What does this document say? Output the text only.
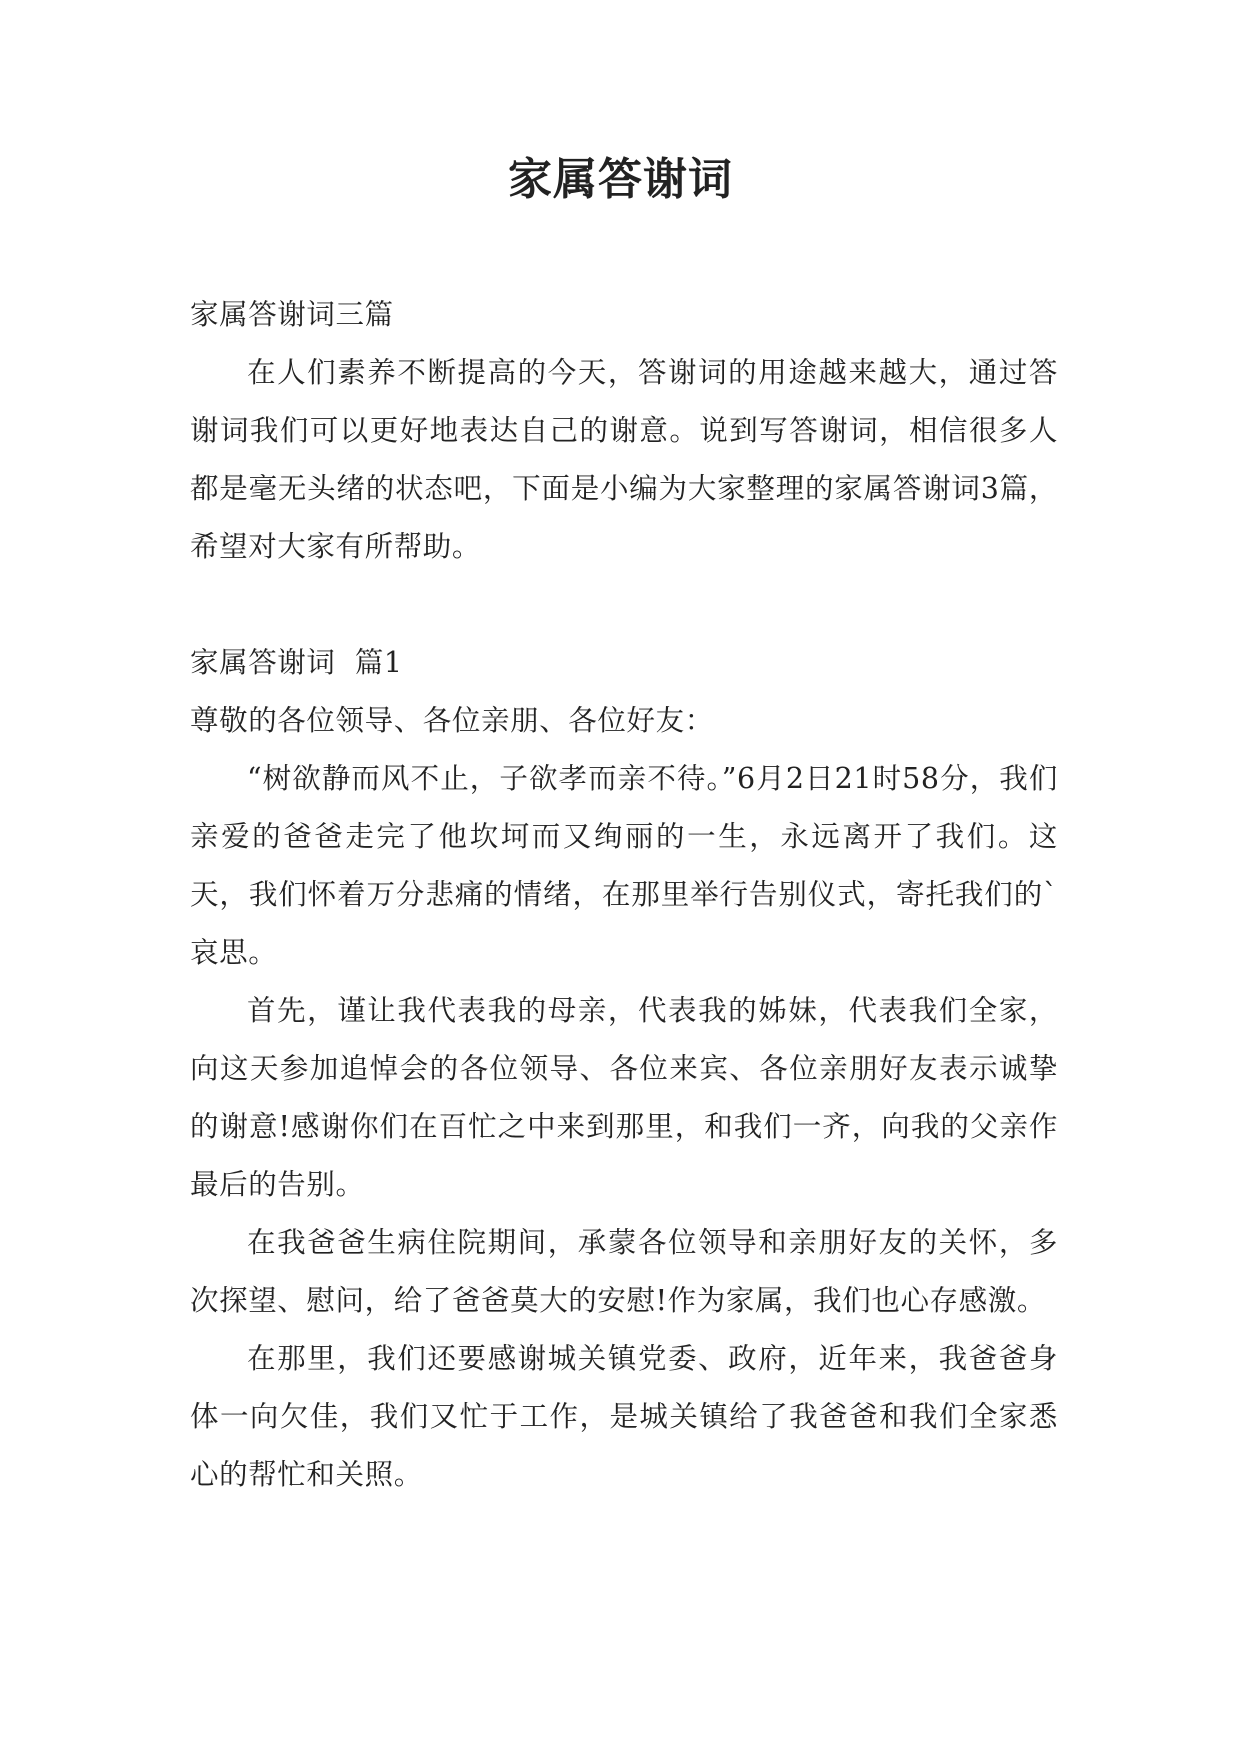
家属答谢词

家属答谢词三篇

在人们素养不断提高的今天，答谢词的用途越来越大，通过答谢词我们可以更好地表达自己的谢意。说到写答谢词，相信很多人都是毫无头绪的状态吧，下面是小编为大家整理的家属答谢词3篇，希望对大家有所帮助。

家属答谢词  篇1

尊敬的各位领导、各位亲朋、各位好友：

“树欲静而风不止，子欲孝而亲不待。”6月2日21时58分，我们亲爱的爸爸走完了他坎坷而又绚丽的一生，永远离开了我们。这天，我们怀着万分悲痛的情绪，在那里举行告别仪式，寄托我们的`哀思。

首先，谨让我代表我的母亲，代表我的姊妹，代表我们全家，向这天参加追悼会的各位领导、各位来宾、各位亲朋好友表示诚挚的谢意!感谢你们在百忙之中来到那里，和我们一齐，向我的父亲作最后的告别。

在我爸爸生病住院期间，承蒙各位领导和亲朋好友的关怀，多次探望、慰问，给了爸爸莫大的安慰!作为家属，我们也心存感激。

在那里，我们还要感谢城关镇党委、政府，近年来，我爸爸身体一向欠佳，我们又忙于工作，是城关镇给了我爸爸和我们全家悉心的帮忙和关照。
